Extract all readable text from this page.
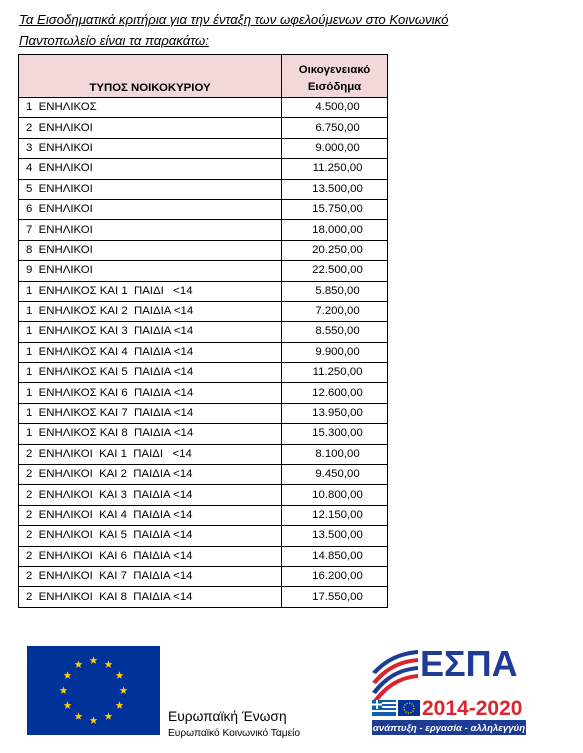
Τα Εισοδηματικά κριτήρια για την ένταξη των ωφελούμενων στο Κοινωνικό
Παντοπωλείο είναι τα παρακάτω:
ΤΥΠΟΣ ΝΟΙΚΟΚΥΡΙΟΥ	Οικογενειακό
Εισόδημα
1  ΕΝΗΛΙΚΟΣ	4.500,00
2  ΕΝΗΛΙΚΟΙ	6.750,00
3  ΕΝΗΛΙΚΟΙ	9.000,00
4  ΕΝΗΛΙΚΟΙ	11.250,00
5  ΕΝΗΛΙΚΟΙ	13.500,00
6  ΕΝΗΛΙΚΟΙ	15.750,00
7  ΕΝΗΛΙΚΟΙ	18.000,00
8  ΕΝΗΛΙΚΟΙ	20.250,00
9  ΕΝΗΛΙΚΟΙ	22.500,00
1  ΕΝΗΛΙΚΟΣ ΚΑΙ 1  ΠΑΙΔΙ   <14	5.850,00
1  ΕΝΗΛΙΚΟΣ ΚΑΙ 2  ΠΑΙΔΙΑ <14	7.200,00
1  ΕΝΗΛΙΚΟΣ ΚΑΙ 3  ΠΑΙΔΙΑ <14	8.550,00
1  ΕΝΗΛΙΚΟΣ ΚΑΙ 4  ΠΑΙΔΙΑ <14	9.900,00
1  ΕΝΗΛΙΚΟΣ ΚΑΙ 5  ΠΑΙΔΙΑ <14	11.250,00
1  ΕΝΗΛΙΚΟΣ ΚΑΙ 6  ΠΑΙΔΙΑ <14	12.600,00
1  ΕΝΗΛΙΚΟΣ ΚΑΙ 7  ΠΑΙΔΙΑ <14	13.950,00
1  ΕΝΗΛΙΚΟΣ ΚΑΙ 8  ΠΑΙΔΙΑ <14	15.300,00
2  ΕΝΗΛΙΚΟΙ  ΚΑΙ 1  ΠΑΙΔΙ   <14	8.100,00
2  ΕΝΗΛΙΚΟΙ  ΚΑΙ 2  ΠΑΙΔΙΑ <14	9.450,00
2  ΕΝΗΛΙΚΟΙ  ΚΑΙ 3  ΠΑΙΔΙΑ <14	10.800,00
2  ΕΝΗΛΙΚΟΙ  ΚΑΙ 4  ΠΑΙΔΙΑ <14	12.150,00
2  ΕΝΗΛΙΚΟΙ  ΚΑΙ 5  ΠΑΙΔΙΑ <14	13.500,00
2  ΕΝΗΛΙΚΟΙ  ΚΑΙ 6  ΠΑΙΔΙΑ <14	14.850,00
2  ΕΝΗΛΙΚΟΙ  ΚΑΙ 7  ΠΑΙΔΙΑ <14	16.200,00
2  ΕΝΗΛΙΚΟΙ  ΚΑΙ 8  ΠΑΙΔΙΑ <14	17.550,00
Ευρωπαϊκή Ένωση
Ευρωπαϊκό Κοινωνικό Ταμείο
ΕΣΠΑ
2014-2020
ανάπτυξη - εργασία - αλληλεγγύη
